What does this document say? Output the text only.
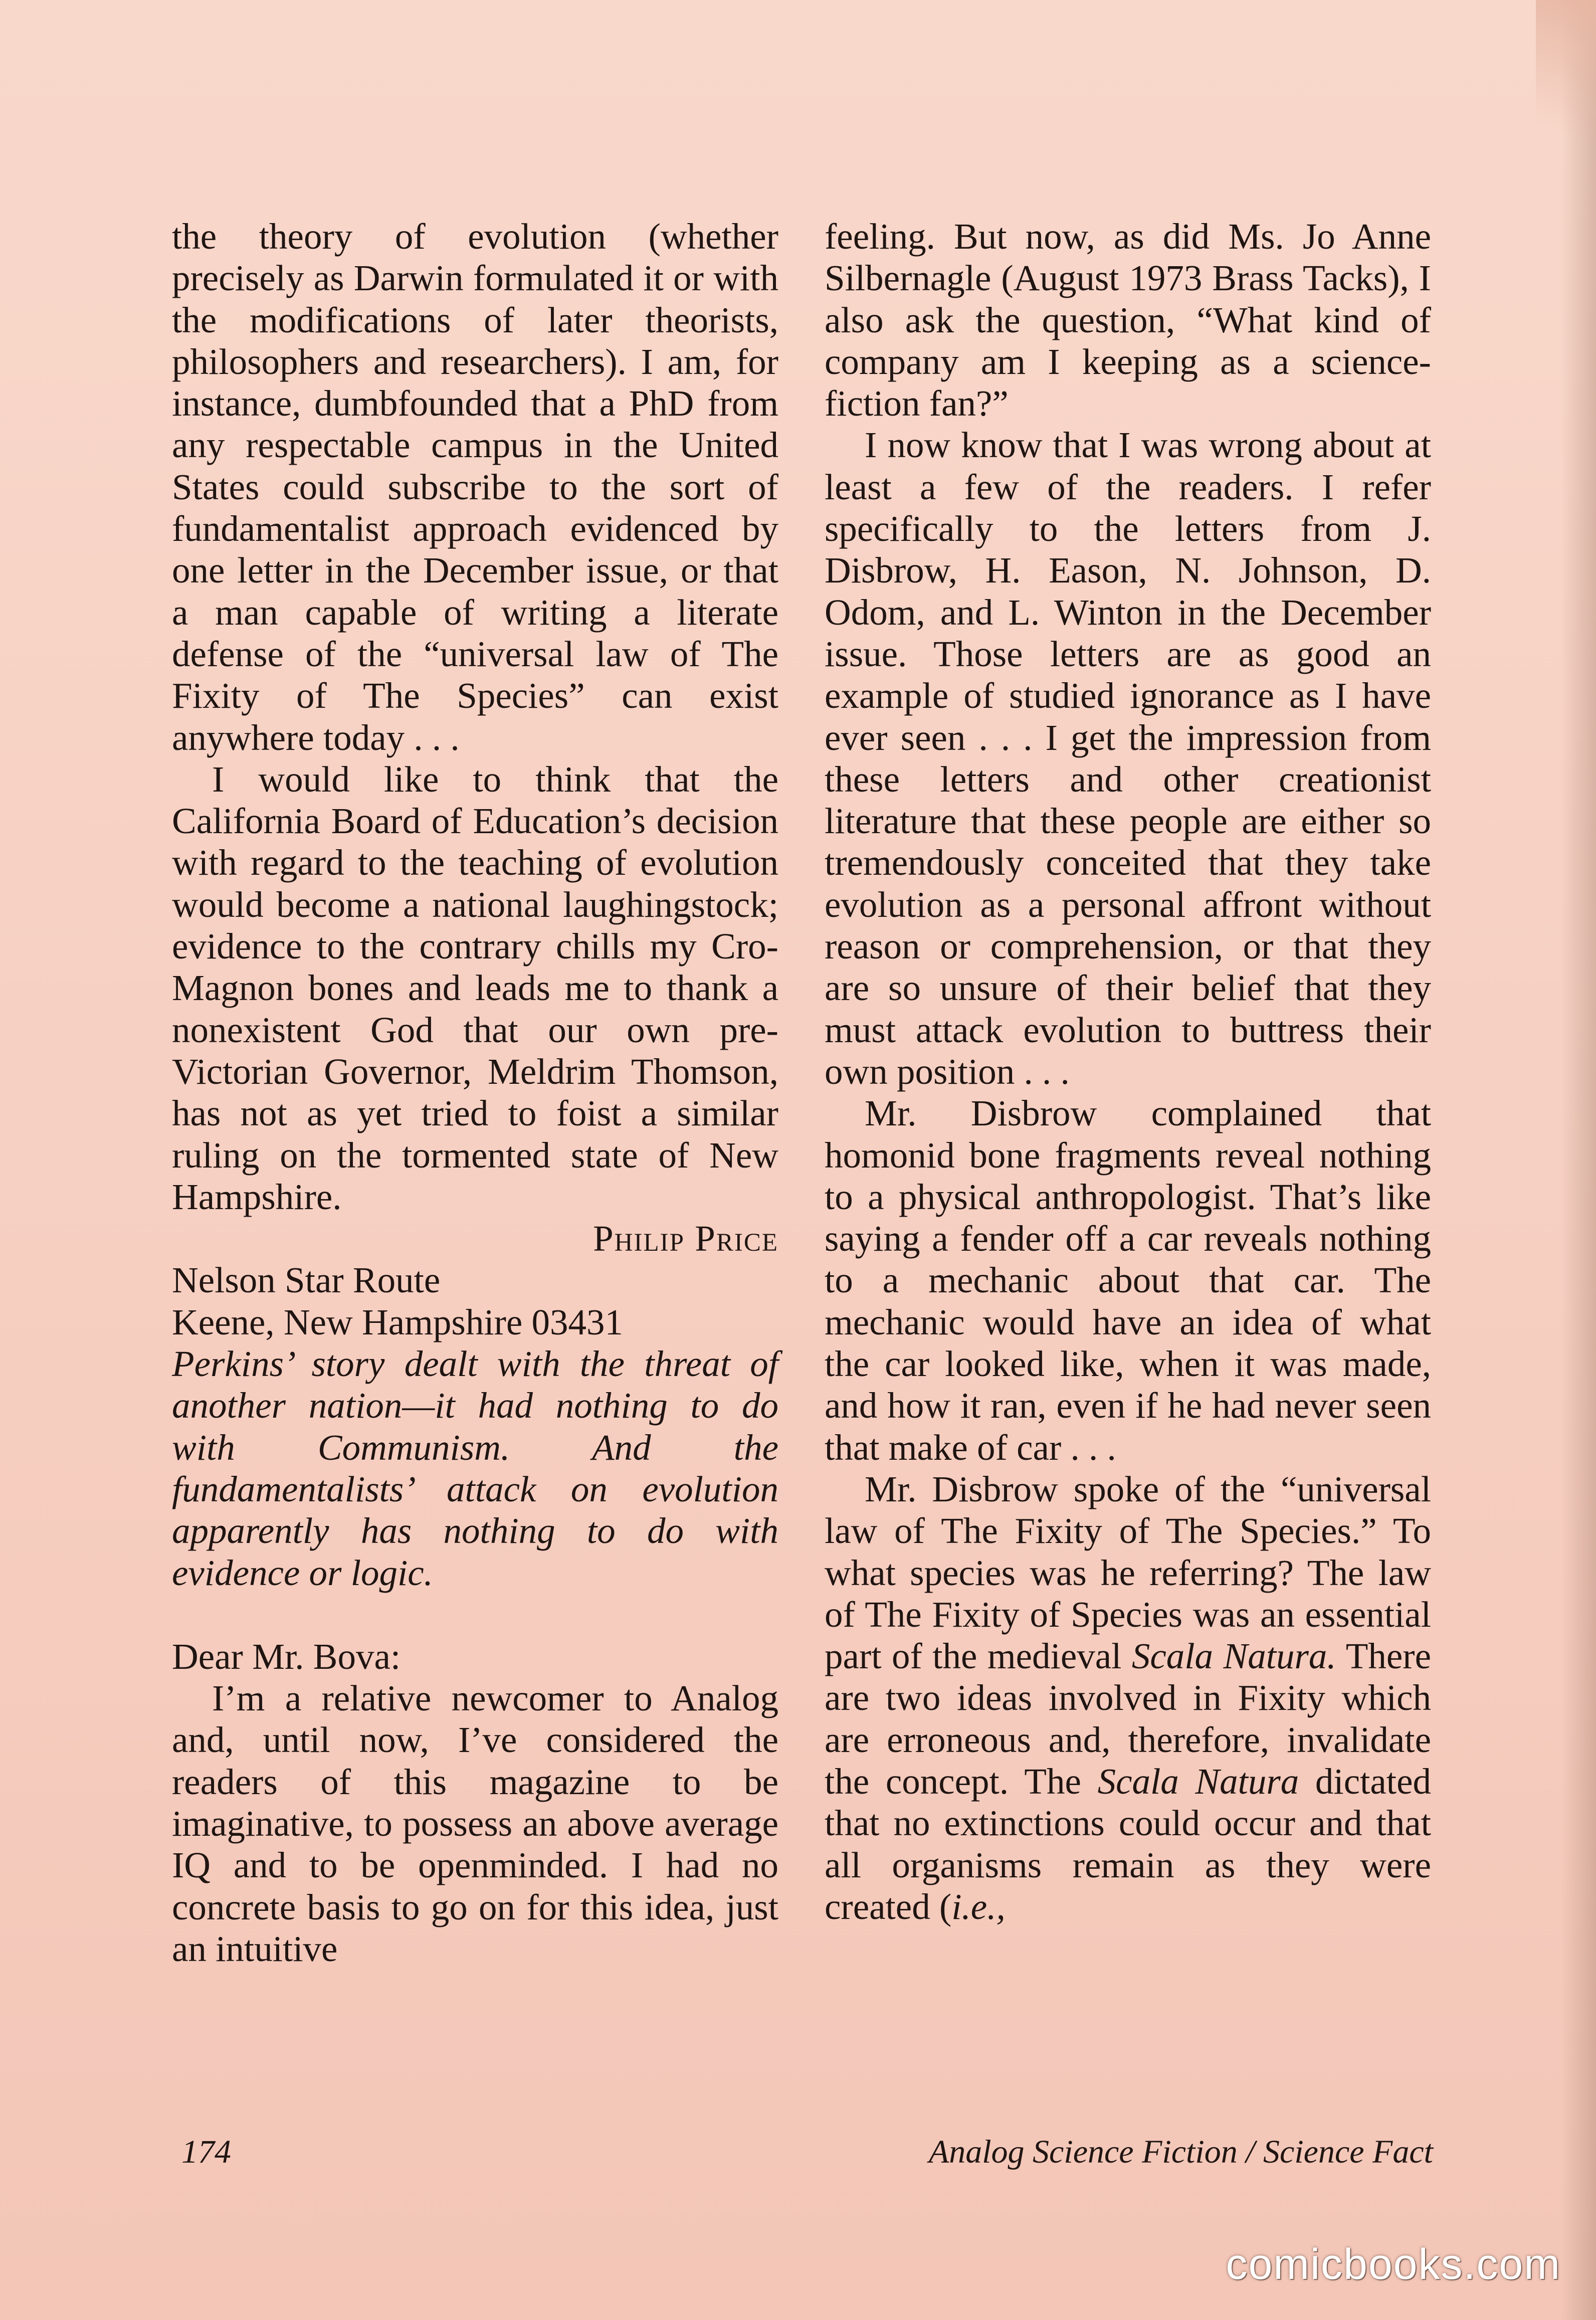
the theory of evolution (whether precisely as Darwin formulated it or with the modifications of later theorists, philosophers and researchers). I am, for instance, dumbfounded that a PhD from any respectable campus in the United States could subscribe to the sort of fundamentalist approach evidenced by one letter in the December issue, or that a man capable of writing a literate defense of the “universal law of The Fixity of The Species” can exist anywhere today . . .

I would like to think that the California Board of Education’s decision with regard to the teaching of evolution would become a national laughingstock; evidence to the contrary chills my Cro-Magnon bones and leads me to thank a nonexistent God that our own pre-Victorian Governor, Meldrim Thomson, has not as yet tried to foist a similar ruling on the tormented state of New Hampshire.

Philip Price

Nelson Star Route

Keene, New Hampshire 03431

Perkins’ story dealt with the threat of another nation—it had nothing to do with Communism. And the fundamentalists’ attack on evolution apparently has nothing to do with evidence or logic.

Dear Mr. Bova:

I’m a relative newcomer to Analog and, until now, I’ve considered the readers of this magazine to be imaginative, to possess an above average IQ and to be openminded. I had no concrete basis to go on for this idea, just an intuitive

feeling. But now, as did Ms. Jo Anne Silbernagle (August 1973 Brass Tacks), I also ask the question, “What kind of company am I keeping as a science-fiction fan?”

I now know that I was wrong about at least a few of the readers. I refer specifically to the letters from J. Disbrow, H. Eason, N. Johnson, D. Odom, and L. Winton in the December issue. Those letters are as good an example of studied ignorance as I have ever seen . . . I get the impression from these letters and other creationist literature that these people are either so tremendously conceited that they take evolution as a personal affront without reason or comprehension, or that they are so unsure of their belief that they must attack evolution to buttress their own position . . .

Mr. Disbrow complained that homonid bone fragments reveal nothing to a physical anthropologist. That’s like saying a fender off a car reveals nothing to a mechanic about that car. The mechanic would have an idea of what the car looked like, when it was made, and how it ran, even if he had never seen that make of car . . .

Mr. Disbrow spoke of the “universal law of The Fixity of The Species.” To what species was he referring? The law of The Fixity of Species was an essential part of the medieval Scala Natura. There are two ideas involved in Fixity which are erroneous and, therefore, invalidate the concept. The Scala Natura dictated that no extinctions could occur and that all organisms remain as they were created (i.e.,

174	Analog Science Fiction / Science Fact
comicbooks.com
